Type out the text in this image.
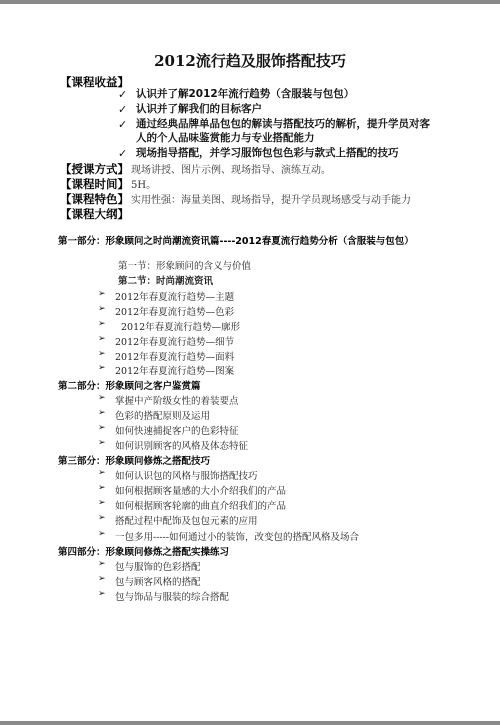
2012流行趋及服饰搭配技巧
【课程收益】
✓ 认识并了解2012年流行趋势（含服装与包包）
✓ 认识并了解我们的目标客户
✓ 通过经典品牌单品包包的解读与搭配技巧的解析，提升学员对客
人的个人品味鉴赏能力与专业搭配能力
✓ 现场指导搭配，并学习服饰包包色彩与款式上搭配的技巧
【授课方式】 现场讲授、图片示例、现场指导、演练互动。
【课程时间】 5H。
【课程特色】 实用性强：海量美图、现场指导，提升学员现场感受与动手能力
【课程大纲】
第一部分：形象顾问之时尚潮流资讯篇----2012春夏流行趋势分析（含服装与包包）
第一节：形象顾问的含义与价值
第二节：时尚潮流资讯
➢ 2012年春夏流行趋势—主题
➢ 2012年春夏流行趋势—色彩
➢ 2012年春夏流行趋势—廓形
➢ 2012年春夏流行趋势—细节
➢ 2012年春夏流行趋势—面料
➢ 2012年春夏流行趋势—图案
第二部分：形象顾问之客户鉴赏篇
➢ 掌握中产阶级女性的着装要点
➢ 色彩的搭配原则及运用
➢ 如何快速捕捉客户的色彩特征
➢ 如何识别顾客的风格及体态特征
第三部分：形象顾问修炼之搭配技巧
➢ 如何认识包的风格与服饰搭配技巧
➢ 如何根据顾客量感的大小介绍我们的产品
➢ 如何根据顾客轮廓的曲直介绍我们的产品
➢ 搭配过程中配饰及包包元素的应用
➢ 一包多用-----如何通过小的装饰，改变包的搭配风格及场合
第四部分：形象顾问修炼之搭配实操练习
➢ 包与服饰的色彩搭配
➢ 包与顾客风格的搭配
➢ 包与饰品与服装的综合搭配
